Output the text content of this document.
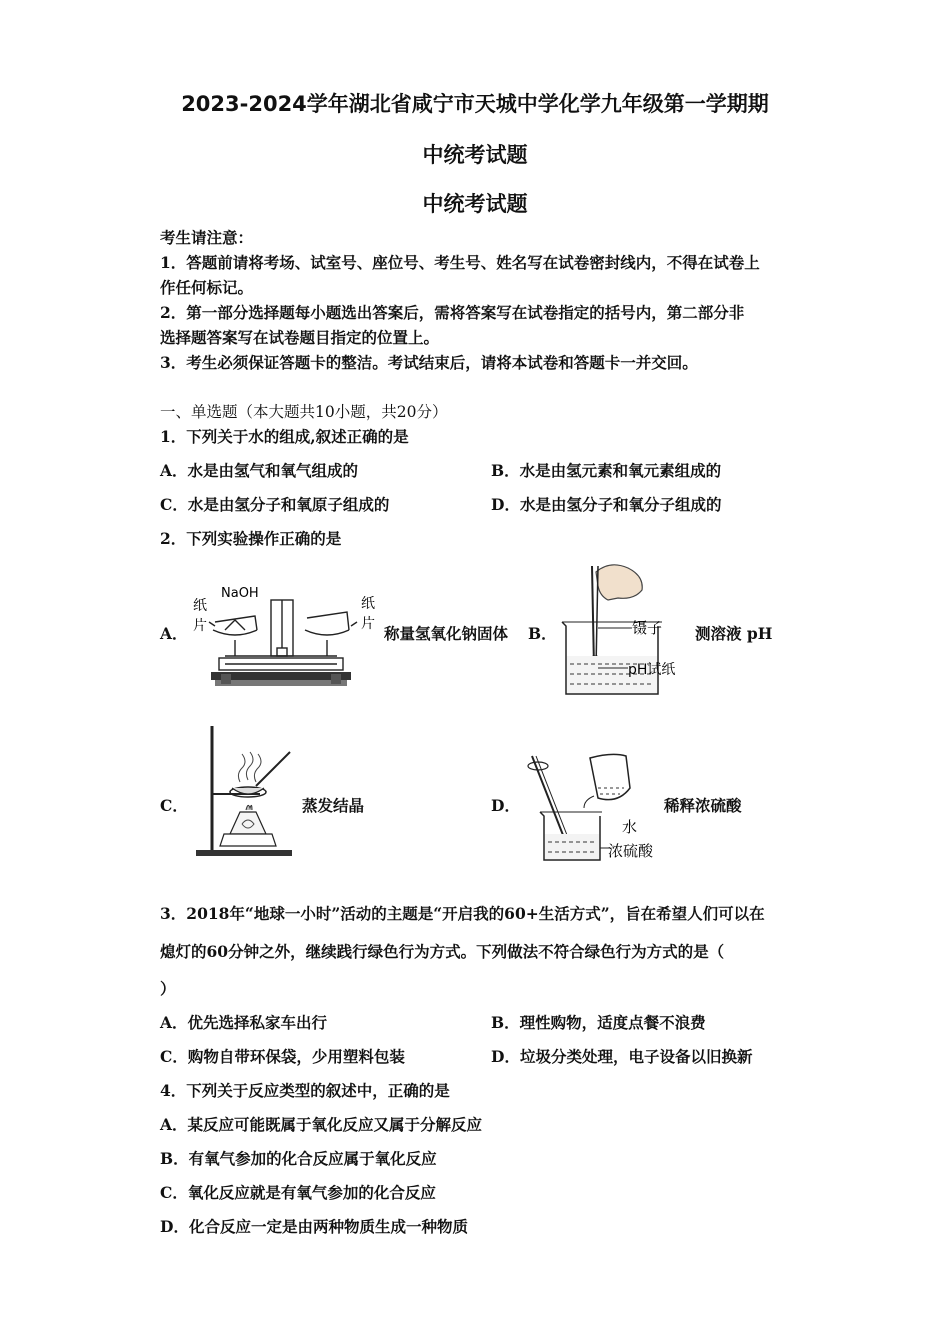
2023-2024学年湖北省咸宁市天城中学化学九年级第一学期期
中统考试题
中统考试题
考生请注意：
1．答题前请将考场、试室号、座位号、考生号、姓名写在试卷密封线内，不得在试卷上
作任何标记。
2．第一部分选择题每小题选出答案后，需将答案写在试卷指定的括号内，第二部分非
选择题答案写在试卷题目指定的位置上。
3．考生必须保证答题卡的整洁。考试结束后，请将本试卷和答题卡一并交回。
一、单选题（本大题共10小题，共20分）
1．下列关于水的组成,叙述正确的是
A．水是由氢气和氧气组成的	B．水是由氢元素和氧元素组成的
C．水是由氢分子和氧原子组成的	D．水是由氢分子和氧分子组成的
2．下列实验操作正确的是
A．
NaOH
纸
片
纸
片 称量氢氧化钠固体 B．	镊子
pH试纸
测溶液 pH
C．	蒸发结晶	D．
水
浓硫酸
稀释浓硫酸
3．2018年“地球一小时”活动的主题是“开启我的60+生活方式”，旨在希望人们可以在
熄灯的60分钟之外，继续践行绿色行为方式。下列做法不符合绿色行为方式的是（
）
A．优先选择私家车出行	B．理性购物，适度点餐不浪费
C．购物自带环保袋，少用塑料包装	D．垃圾分类处理，电子设备以旧换新
4．下列关于反应类型的叙述中，正确的是
A．某反应可能既属于氧化反应又属于分解反应
B．有氧气参加的化合反应属于氧化反应
C．氧化反应就是有氧气参加的化合反应
D．化合反应一定是由两种物质生成一种物质
